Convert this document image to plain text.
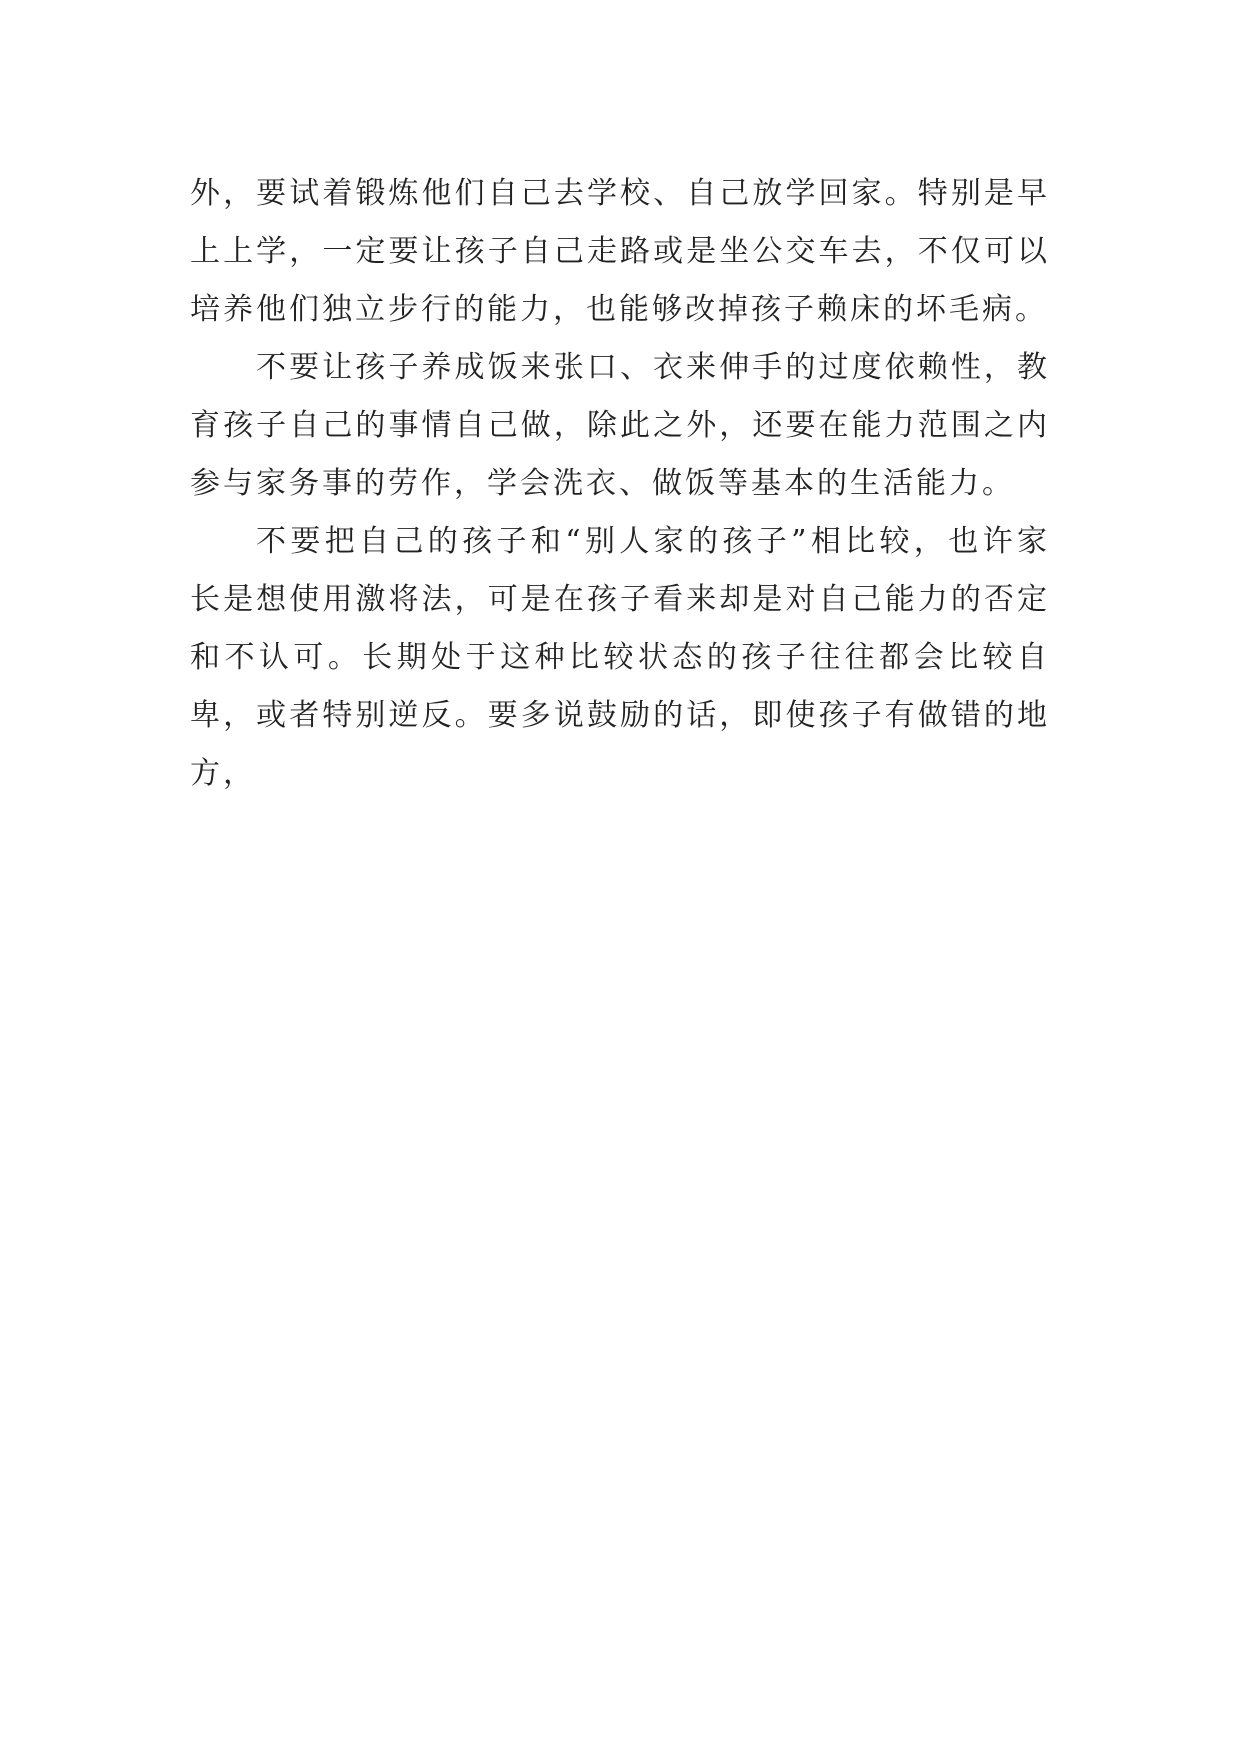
外，要试着锻炼他们自己去学校、自己放学回家。特别是早上上学，一定要让孩子自己走路或是坐公交车去，不仅可以培养他们独立步行的能力，也能够改掉孩子赖床的坏毛病。

不要让孩子养成饭来张口、衣来伸手的过度依赖性，教育孩子自己的事情自己做，除此之外，还要在能力范围之内参与家务事的劳作，学会洗衣、做饭等基本的生活能力。

不要把自己的孩子和“别人家的孩子”相比较，也许家长是想使用激将法，可是在孩子看来却是对自己能力的否定和不认可。长期处于这种比较状态的孩子往往都会比较自卑，或者特别逆反。要多说鼓励的话，即使孩子有做错的地方，
